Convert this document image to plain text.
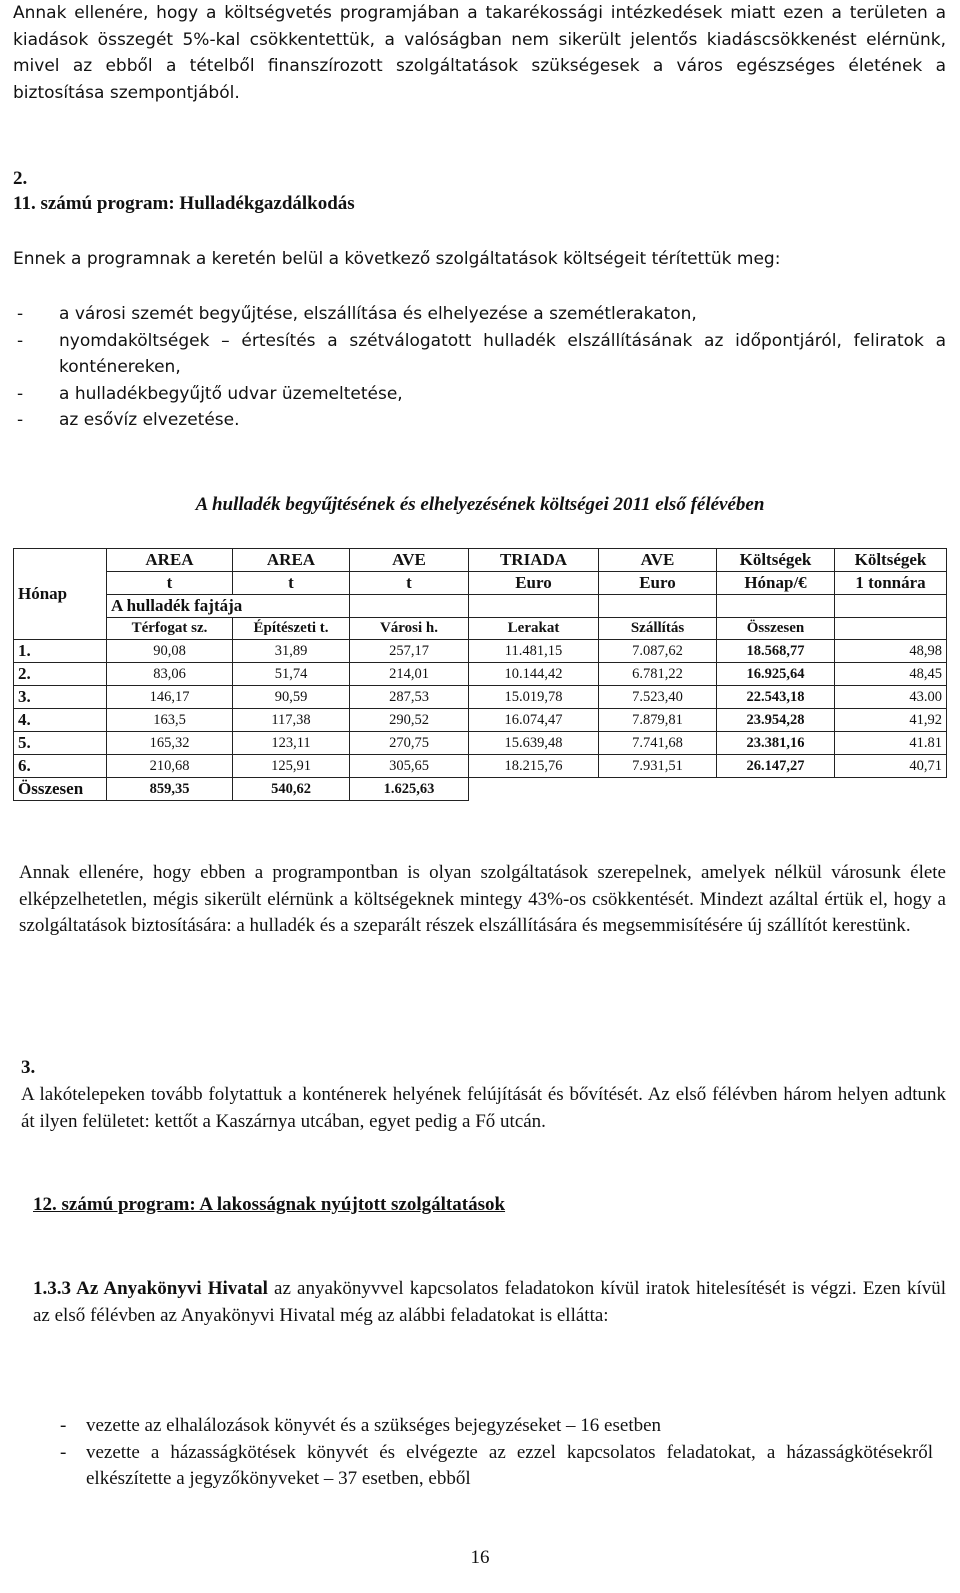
Annak ellenére, hogy a költségvetés programjában a takarékossági intézkedések miatt ezen a területen a kiadások összegét 5%-kal csökkentettük, a valóságban nem sikerült jelentős kiadáscsökkenést elérnünk, mivel az ebből a tételből finanszírozott szolgáltatások szükségesek a város egészséges életének a biztosítása szempontjából.
2.
11. számú program: Hulladékgazdálkodás
Ennek a programnak a keretén belül a következő szolgáltatások költségeit térítettük meg:
- a városi szemét begyűjtése, elszállítása és elhelyezése a szemétlerakaton,
- nyomdaköltségek – értesítés a szétválogatott hulladék elszállításának az időpontjáról, feliratok a konténereken,
- a hulladékbegyűjtő udvar üzemeltetése,
- az esővíz elvezetése.
A hulladék begyűjtésének és elhelyezésének költségei 2011 első félévében
Hónap	AREA	AREA	AVE	TRIADA	AVE	Költségek	Költségek
	t	t	t	Euro	Euro	Hónap/€	1 tonnára
	A hulladék fajtája						
	Térfogat sz.	Építészeti t.	Városi h.	Lerakat	Szállítás	Összesen	
1.	90,08	31,89	257,17	11.481,15	7.087,62	18.568,77	48,98
2.	83,06	51,74	214,01	10.144,42	6.781,22	16.925,64	48,45
3.	146,17	90,59	287,53	15.019,78	7.523,40	22.543,18	43.00
4.	163,5	117,38	290,52	16.074,47	7.879,81	23.954,28	41,92
5.	165,32	123,11	270,75	15.639,48	7.741,68	23.381,16	41.81
6.	210,68	125,91	305,65	18.215,76	7.931,51	26.147,27	40,71
Összesen	859,35	540,62	1.625,63				
Annak ellenére, hogy ebben a programpontban is olyan szolgáltatások szerepelnek, amelyek nélkül városunk élete elképzelhetetlen, mégis sikerült elérnünk a költségeknek mintegy 43%-os csökkentését. Mindezt azáltal értük el, hogy a szolgáltatások biztosítására: a hulladék és a szeparált részek elszállítására és megsemmisítésére új szállítót kerestünk.
3.
A lakótelepeken tovább folytattuk a konténerek helyének felújítását és bővítését. Az első félévben három helyen adtunk át ilyen felületet: kettőt a Kaszárnya utcában, egyet pedig a Fő utcán.
12. számú program: A lakosságnak nyújtott szolgáltatások
1.3.3 Az Anyakönyvi Hivatal az anyakönyvvel kapcsolatos feladatokon kívül iratok hitelesítését is végzi. Ezen kívül az első félévben az Anyakönyvi Hivatal még az alábbi feladatokat is ellátta:
- vezette az elhalálozások könyvét és a szükséges bejegyzéseket – 16 esetben
- vezette a házasságkötések könyvét és elvégezte az ezzel kapcsolatos feladatokat, a házasságkötésekről elkészítette a jegyzőkönyveket – 37 esetben, ebből
16
